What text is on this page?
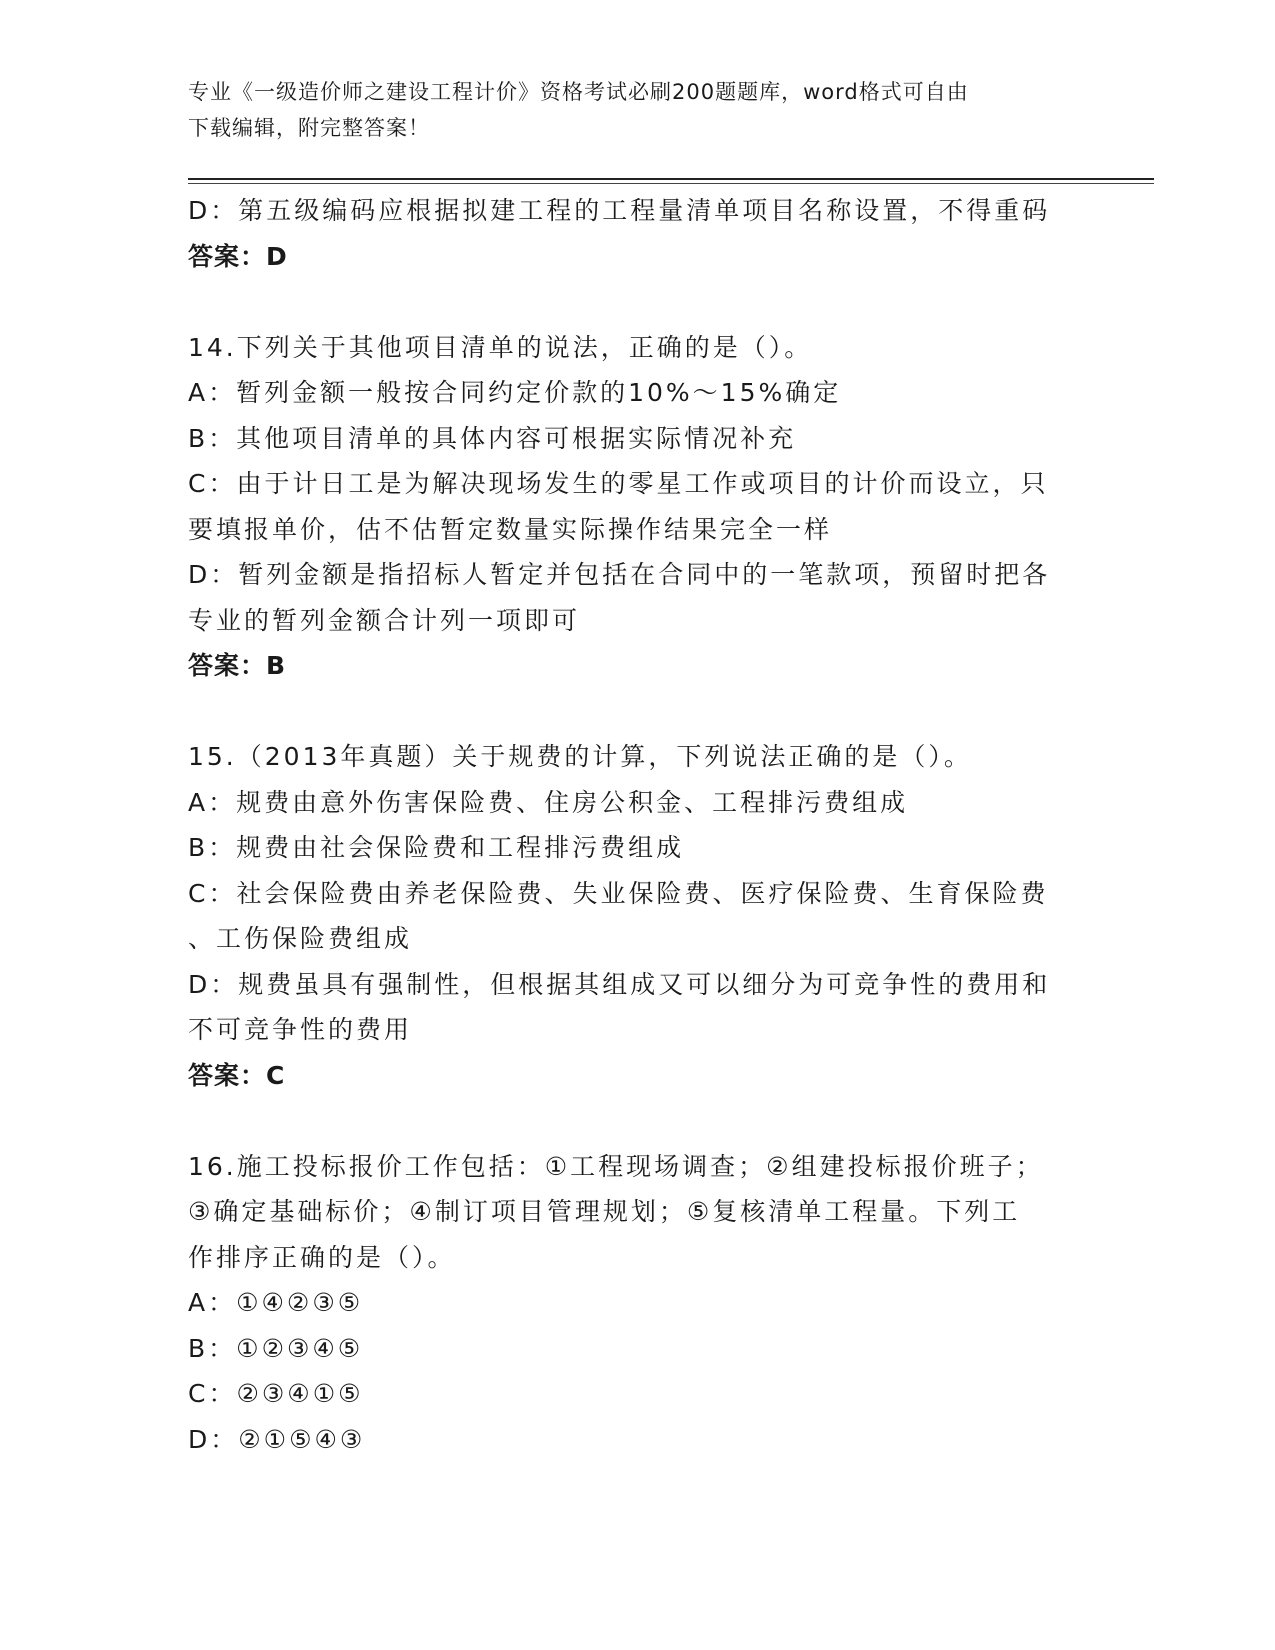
专业《一级造价师之建设工程计价》资格考试必刷200题题库，word格式可自由
下载编辑，附完整答案！
D：第五级编码应根据拟建工程的工程量清单项目名称设置，不得重码
答案：D
14.下列关于其他项目清单的说法，正确的是（）。
A：暂列金额一般按合同约定价款的10%～15%确定
B：其他项目清单的具体内容可根据实际情况补充
C：由于计日工是为解决现场发生的零星工作或项目的计价而设立，只
要填报单价，估不估暂定数量实际操作结果完全一样
D：暂列金额是指招标人暂定并包括在合同中的一笔款项，预留时把各
专业的暂列金额合计列一项即可
答案：B
15.（2013年真题）关于规费的计算，下列说法正确的是（）。
A：规费由意外伤害保险费、住房公积金、工程排污费组成
B：规费由社会保险费和工程排污费组成
C：社会保险费由养老保险费、失业保险费、医疗保险费、生育保险费
、工伤保险费组成
D：规费虽具有强制性，但根据其组成又可以细分为可竞争性的费用和
不可竞争性的费用
答案：C
16.施工投标报价工作包括：①工程现场调查；②组建投标报价班子；
③确定基础标价；④制订项目管理规划；⑤复核清单工程量。下列工
作排序正确的是（）。
A：①④②③⑤
B：①②③④⑤
C：②③④①⑤
D：②①⑤④③
